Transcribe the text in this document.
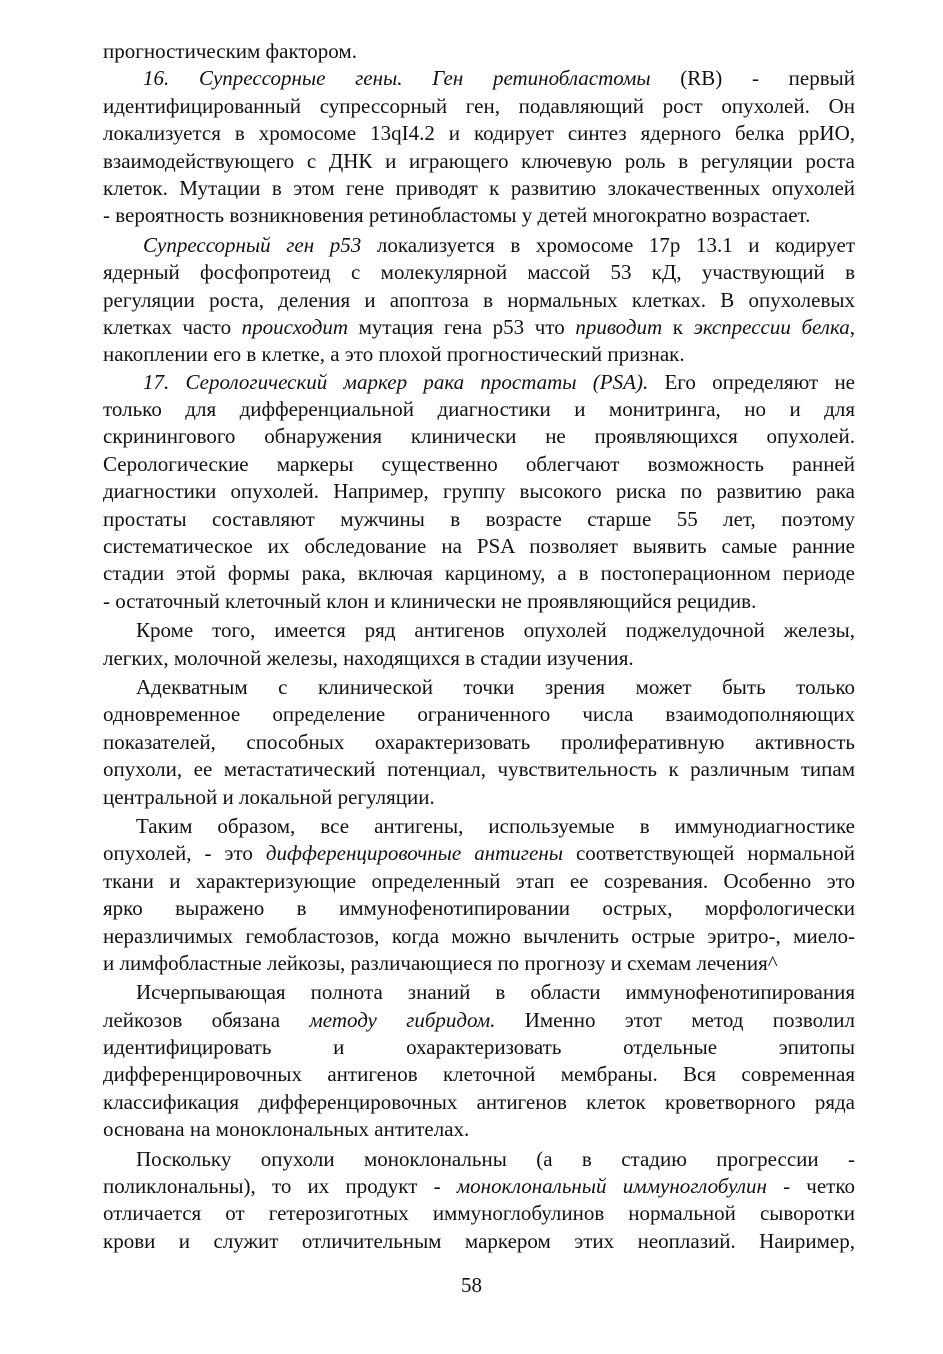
прогностическим фактором.
16. Супрессорные гены. Ген ретинобластомы (RB) - первый
идентифицированный супрессорный ген, подавляющий рост опухолей. Он
локализуется в хромосоме 13qI4.2 и кодирует синтез ядерного белка ррИО,
взаимодействующего с ДНК и играющего ключевую роль в регуляции роста
клеток. Мутации в этом гене приводят к развитию злокачественных опухолей
- вероятность возникновения ретинобластомы у детей многократно возрастает.
Супрессорный ген р53 локализуется в хромосоме 17р 13.1 и кодирует
ядерный фосфопротеид с молекулярной массой 53 кД, участвующий в
регуляции роста, деления и апоптоза в нормальных клетках. В опухолевых
клетках часто происходит мутация гена р53 что приводит к экспрессии белка,
накоплении его в клетке, а это плохой прогностический признак.
17. Серологический маркер рака простаты (PSA). Его определяют не
только для дифференциальной диагностики и монитринга, но и для
скринингового обнаружения клинически не проявляющихся опухолей.
Серологические маркеры существенно облегчают возможность ранней
диагностики опухолей. Например, группу высокого риска по развитию рака
простаты составляют мужчины в возрасте старше 55 лет, поэтому
систематическое их обследование на PSA позволяет выявить самые ранние
стадии этой формы рака, включая карциному, а в постоперационном периоде
- остаточный клеточный клон и клинически не проявляющийся рецидив.
Кроме того, имеется ряд антигенов опухолей поджелудочной железы,
легких, молочной железы, находящихся в стадии изучения.
Адекватным с клинической точки зрения может быть только
одновременное определение ограниченного числа взаимодополняющих
показателей, способных охарактеризовать пролиферативную активность
опухоли, ее метастатический потенциал, чувствительность к различным типам
центральной и локальной регуляции.
Таким образом, все антигены, используемые в иммунодиагностике
опухолей, - это дифференцировочные антигены соответствующей нормальной
ткани и характеризующие определенный этап ее созревания. Особенно это
ярко выражено в иммунофенотипировании острых, морфологически
неразличимых гемобластозов, когда можно вычленить острые эритро-, миело-
и лимфобластные лейкозы, различающиеся по прогнозу и схемам лечения^
Исчерпывающая полнота знаний в области иммунофенотипирования
лейкозов обязана методу гибридом. Именно этот метод позволил
идентифицировать и охарактеризовать отдельные эпитопы
дифференцировочных антигенов клеточной мембраны. Вся современная
классификация дифференцировочных антигенов клеток кроветворного ряда
основана на моноклональных антителах.
Поскольку опухоли моноклональны (а в стадию прогрессии -
поликлональны), то их продукт - моноклональный иммуноглобулин - четко
отличается от гетерозиготных иммуноглобулинов нормальной сыворотки
крови и служит отличительным маркером этих неоплазий. Наиример,
58
